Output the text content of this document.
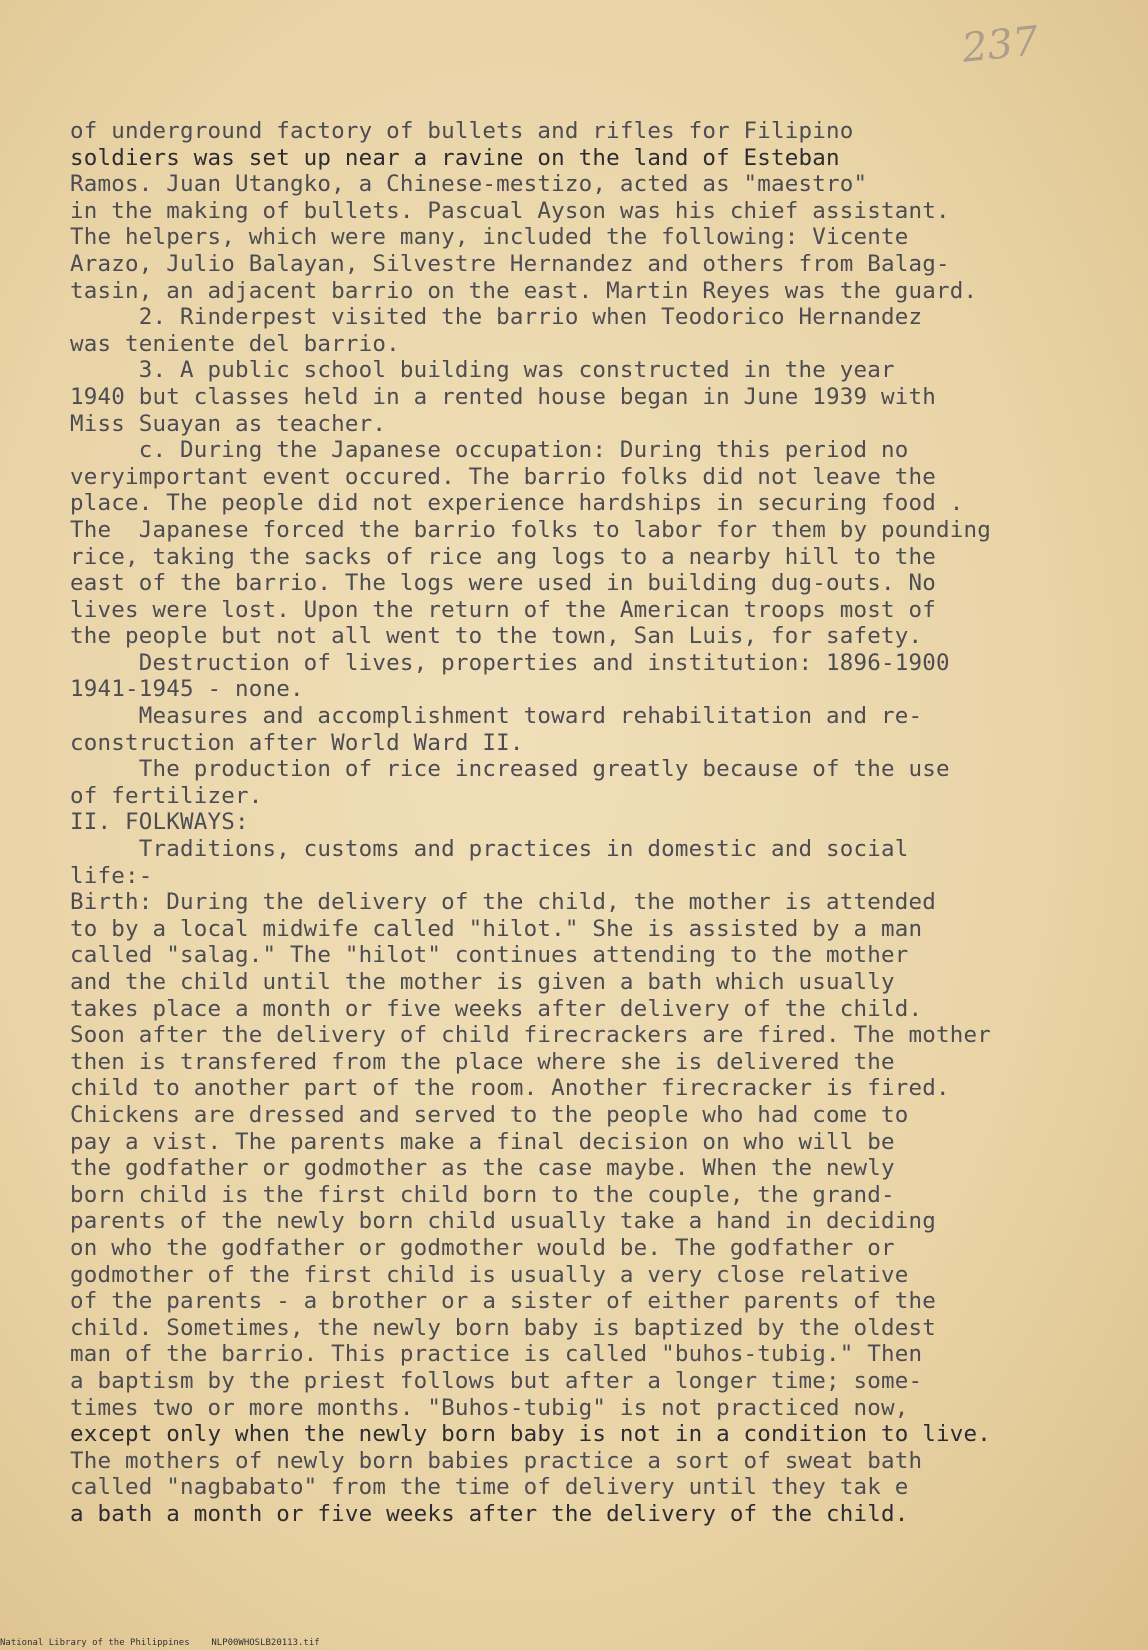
237
of underground factory of bullets and rifles for Filipino
soldiers was set up near a ravine on the land of Esteban
Ramos. Juan Utangko, a Chinese-mestizo, acted as "maestro"
in the making of bullets. Pascual Ayson was his chief assistant.
The helpers, which were many, included the following: Vicente
Arazo, Julio Balayan, Silvestre Hernandez and others from Balag-
tasin, an adjacent barrio on the east. Martin Reyes was the guard.
2. Rinderpest visited the barrio when Teodorico Hernandez
was teniente del barrio.
3. A public school building was constructed in the year
1940 but classes held in a rented house began in June 1939 with
Miss Suayan as teacher.
c. During the Japanese occupation: During this period no
veryimportant event occured. The barrio folks did not leave the
place. The people did not experience hardships in securing food .
The  Japanese forced the barrio folks to labor for them by pounding
rice, taking the sacks of rice ang logs to a nearby hill to the
east of the barrio. The logs were used in building dug-outs. No
lives were lost. Upon the return of the American troops most of
the people but not all went to the town, San Luis, for safety.
Destruction of lives, properties and institution: 1896-1900
1941-1945 - none.
Measures and accomplishment toward rehabilitation and re-
construction after World Ward II.
The production of rice increased greatly because of the use
of fertilizer.
II. FOLKWAYS:
Traditions, customs and practices in domestic and social
life:-
Birth: During the delivery of the child, the mother is attended
to by a local midwife called "hilot." She is assisted by a man
called "salag." The "hilot" continues attending to the mother
and the child until the mother is given a bath which usually
takes place a month or five weeks after delivery of the child.
Soon after the delivery of child firecrackers are fired. The mother
then is transfered from the place where she is delivered the
child to another part of the room. Another firecracker is fired.
Chickens are dressed and served to the people who had come to
pay a vist. The parents make a final decision on who will be
the godfather or godmother as the case maybe. When the newly
born child is the first child born to the couple, the grand-
parents of the newly born child usually take a hand in deciding
on who the godfather or godmother would be. The godfather or
godmother of the first child is usually a very close relative
of the parents - a brother or a sister of either parents of the
child. Sometimes, the newly born baby is baptized by the oldest
man of the barrio. This practice is called "buhos-tubig." Then
a baptism by the priest follows but after a longer time; some-
times two or more months. "Buhos-tubig" is not practiced now,
except only when the newly born baby is not in a condition to live.
The mothers of newly born babies practice a sort of sweat bath
called "nagbabato" from the time of delivery until they tak e
a bath a month or five weeks after the delivery of the child.
National Library of the Philippines    NLP00WHOSLB20113.tif
